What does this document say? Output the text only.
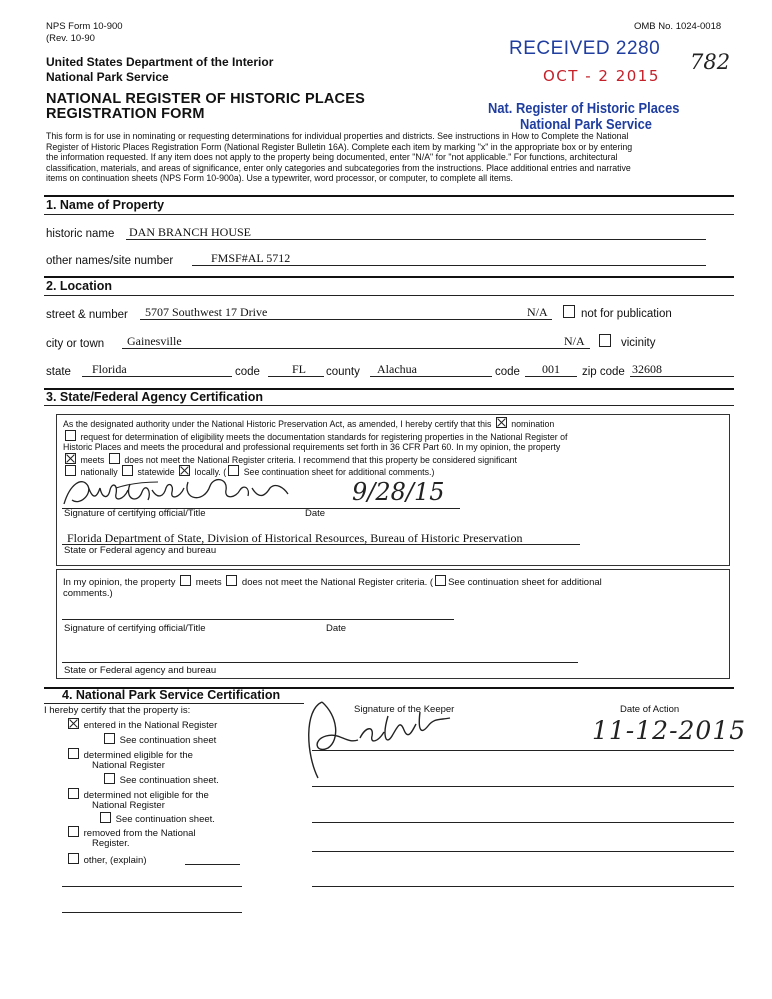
NPS Form 10-900
(Rev. 10-90
OMB No. 1024-0018
United States Department of the Interior
National Park Service
NATIONAL REGISTER OF HISTORIC PLACES
REGISTRATION FORM
RECEIVED 2280
OCT - 2 2015
Nat. Register of Historic Places
National Park Service
782
This form is for use in nominating or requesting determinations for individual properties and districts. See instructions in How to Complete the National
Register of Historic Places Registration Form (National Register Bulletin 16A). Complete each item by marking "x" in the appropriate box or by entering
the information requested. If any item does not apply to the property being documented, enter "N/A" for "not applicable." For functions, architectural
classification, materials, and areas of significance, enter only categories and subcategories from the instructions. Place additional entries and narrative
items on continuation sheets (NPS Form 10-900a). Use a typewriter, word processor, or computer, to complete all items.
1. Name of Property
historic name DAN BRANCH HOUSE
other names/site number	FMSF#AL 5712
2. Location
street & number 5707 Southwest 17 Drive	N/A	not for publication
city or town Gainesville	N/A	vicinity
state Florida	code	FL county Alachua	code 001 zip code 32608
3. State/Federal Agency Certification
As the designated authority under the National Historic Preservation Act, as amended, I hereby certify that this nomination
request for determination of eligibility meets the documentation standards for registering properties in the National Register of
Historic Places and meets the procedural and professional requirements set forth in 36 CFR Part 60. In my opinion, the property
meets does not meet the National Register criteria. I recommend that this property be considered significant
nationally statewide locally. ( See continuation sheet for additional comments.)
9/28/15
Signature of certifying official/Title	Date
Florida Department of State, Division of Historical Resources, Bureau of Historic Preservation
State or Federal agency and bureau
In my opinion, the property meets does not meet the National Register criteria. ( See continuation sheet for additional
comments.)
Signature of certifying official/Title	Date
State or Federal agency and bureau
4. National Park Service Certification
I hereby certify that the property is:
entered in the National Register
See continuation sheet
determined eligible for the
National Register
See continuation sheet.
determined not eligible for the
National Register
See continuation sheet.
removed from the National
Register.
other, (explain)
Signature of the Keeper	Date of Action
11-12-2015
